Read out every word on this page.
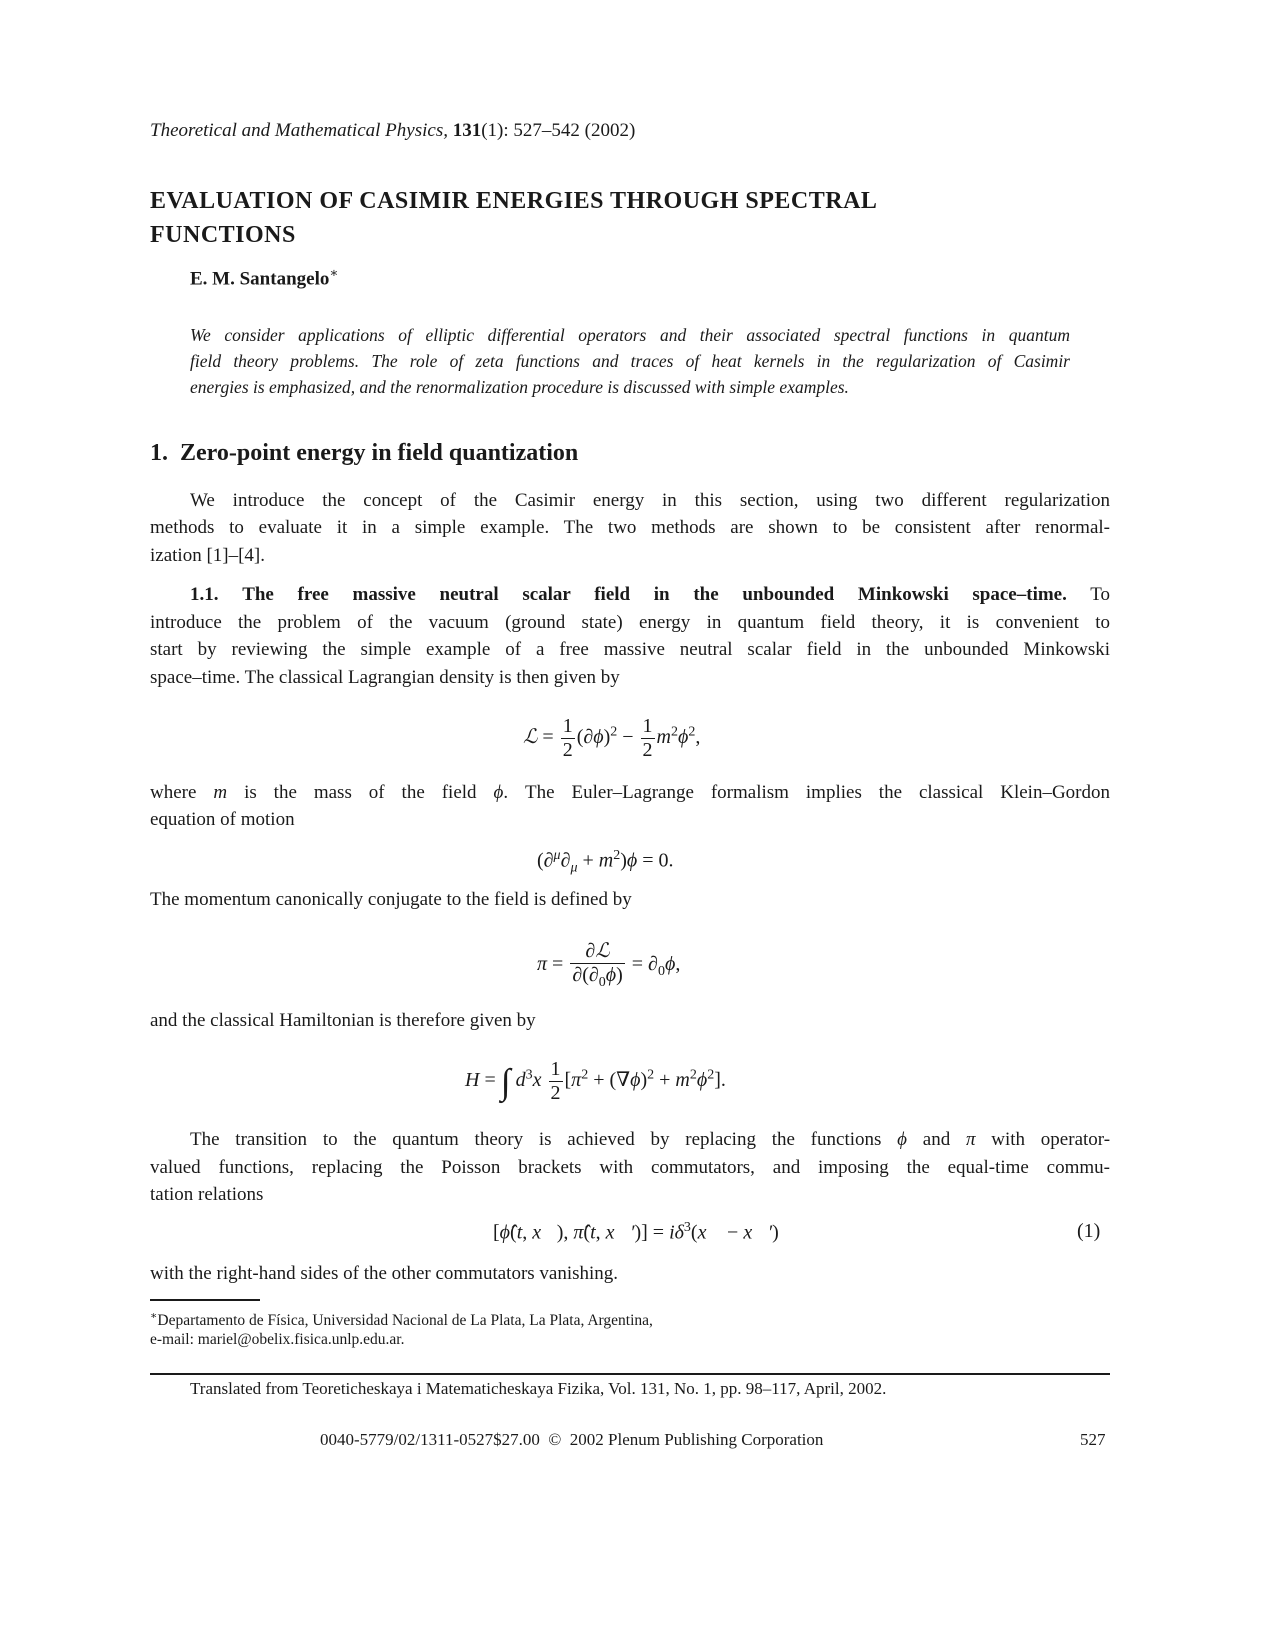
Theoretical and Mathematical Physics, 131(1): 527–542 (2002)
EVALUATION OF CASIMIR ENERGIES THROUGH SPECTRAL
FUNCTIONS
E. M. Santangelo∗
We consider applications of elliptic differential operators and their associated spectral functions in quantum
field theory problems. The role of zeta functions and traces of heat kernels in the regularization of Casimir
energies is emphasized, and the renormalization procedure is discussed with simple examples.
1. Zero-point energy in field quantization
We introduce the concept of the Casimir energy in this section, using two different regularization
methods to evaluate it in a simple example. The two methods are shown to be consistent after renormal-
ization [1]–[4].
1.1. The free massive neutral scalar field in the unbounded Minkowski space–time. To
introduce the problem of the vacuum (ground state) energy in quantum field theory, it is convenient to
start by reviewing the simple example of a free massive neutral scalar field in the unbounded Minkowski
space–time. The classical Lagrangian density is then given by
ℒ = $\frac{1}{2} (\partial\phi)^2 - \frac{1}{2} m^2\phi^2$,
where m is the mass of the field ϕ. The Euler–Lagrange formalism implies the classical Klein–Gordon
equation of motion
$(\partial^\mu\partial_\mu + m^2)\phi = 0$.
The momentum canonically conjugate to the field is defined by
$\pi = \frac{\text{∂ℒ}}{\partial(\partial_0\phi)} = \partial_0\phi$,
and the classical Hamiltonian is therefore given by
H = ∫ $d^3x \frac{1}{2} [\pi^2 + (\nabla\phi)^2 + m^2\phi^2]$.
The transition to the quantum theory is achieved by replacing the functions ϕ and π with operator-
valued functions, replacing the Poisson brackets with commutators, and imposing the equal-time commu-
tation relations
[ϕ̂(t, x⃗), π̂(t, x⃗′)] = $i\delta^3(x⃗$ − x⃗′)	(1)
with the right-hand sides of the other commutators vanishing.
∗Departamento de Física, Universidad Nacional de La Plata, La Plata, Argentina,
e-mail: mariel@obelix.fisica.unlp.edu.ar.
Translated from Teoreticheskaya i Matematicheskaya Fizika, Vol. 131, No. 1, pp. 98–117, April, 2002.
0040-5779/02/1311-0527$27.00  ©  2002 Plenum Publishing Corporation	527
